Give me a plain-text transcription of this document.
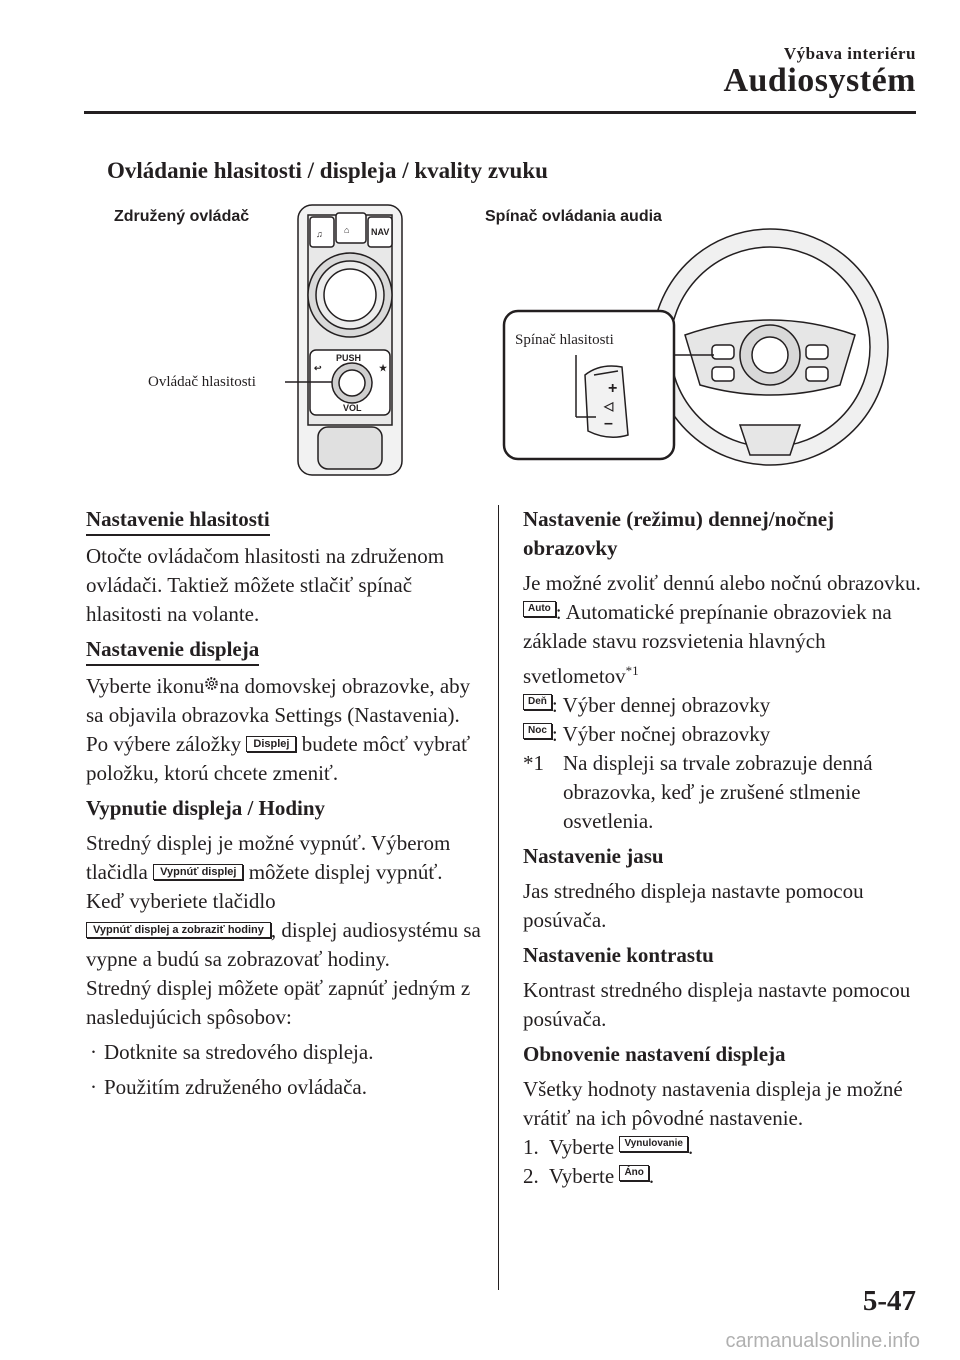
Výbava interiéru
Audiosystém
Ovládanie hlasitosti / displeja / kvality zvuku
Združený ovládač
Ovládač hlasitosti
Spínač ovládania audia
♫ ⌂ NAV
PUSH
VOL
↩	★
+
◁
–
Spínač hlasitosti

Nastavenie hlasitosti

Otočte ovládačom hlasitosti na združenom ovládači. Taktiež môžete stlačiť spínač hlasitosti na volante.

Nastavenie displeja

Vyberte ikonu na domovskej obrazovke, aby sa objavila obrazovka Settings (Nastavenia).
Po výbere záložky Displej budete môcť vybrať položku, ktorú chcete zmeniť.

Vypnutie displeja / Hodiny

Stredný displej je možné vypnúť. Výberom tlačidla Vypnúť displej môžete displej vypnúť.
Keď vyberiete tlačidlo
Vypnúť displej a zobraziť hodiny , displej audiosystému sa vypne a budú sa zobrazovať hodiny.
Stredný displej môžete opäť zapnúť jedným z nasledujúcich spôsobov:

· Dotknite sa stredového displeja.

· Použitím združeného ovládača.

Nastavenie (režimu) dennej/nočnej obrazovky

Je možné zvoliť dennú alebo nočnú obrazovku.

Auto : Automatické prepínanie obrazoviek na základe stavu rozsvietenia hlavných svetlometov$^{*1}$

Deň : Výber dennej obrazovky

Noc : Výber nočnej obrazovky

*1 Na displeji sa trvale zobrazuje denná obrazovka, keď je zrušené stlmenie osvetlenia.

Nastavenie jasu

Jas stredného displeja nastavte pomocou posúvača.

Nastavenie kontrastu

Kontrast stredného displeja nastavte pomocou posúvača.

Obnovenie nastavení displeja

Všetky hodnoty nastavenia displeja je možné vrátiť na ich pôvodné nastavenie.

1. Vyberte Vynulovanie .

2. Vyberte Áno .

5-47
carmanualsonline.info
